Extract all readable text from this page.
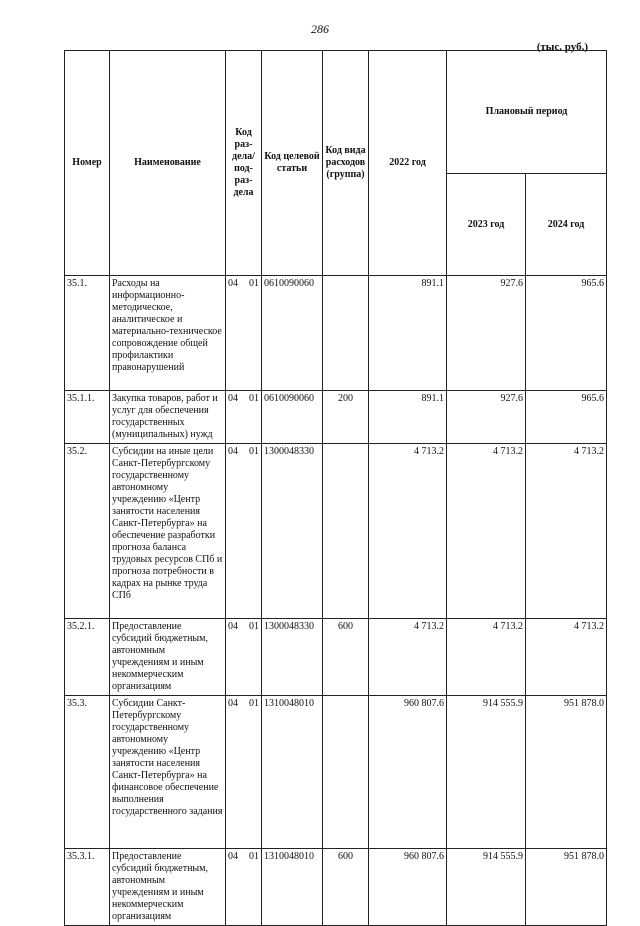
286
(тыс. руб.)
Номер	Наименование	Код раз-дела/ под-раз-дела	Код целевой статьи	Код вида расходов (группа)	2022 год	Плановый период	
						2023 год	2024 год
35.1.	Расходы на информационно-методическое, аналитическое и материально-техническое сопровождение общей профилактики правонарушений	04 01	0610090060		891.1	927.6	965.6
35.1.1.	Закупка товаров, работ и услуг для обеспечения государственных (муниципальных) нужд	04 01	0610090060	200	891.1	927.6	965.6
35.2.	Субсидии на иные цели Санкт-Петербургскому государственному автономному учреждению «Центр занятости населения Санкт-Петербурга» на обеспечение разработки прогноза баланса трудовых ресурсов СПб и прогноза потребности в кадрах на рынке труда СПб	04 01	1300048330		4 713.2	4 713.2	4 713.2
35.2.1.	Предоставление субсидий бюджетным, автономным учреждениям и иным некоммерческим организациям	04 01	1300048330	600	4 713.2	4 713.2	4 713.2
35.3.	Субсидии Санкт-Петербургскому государственному автономному учреждению «Центр занятости населения Санкт-Петербурга» на финансовое обеспечение выполнения государственного задания	04 01	1310048010		960 807.6	914 555.9	951 878.0
35.3.1.	Предоставление субсидий бюджетным, автономным учреждениям и иным некоммерческим организациям	04 01	1310048010	600	960 807.6	914 555.9	951 878.0
